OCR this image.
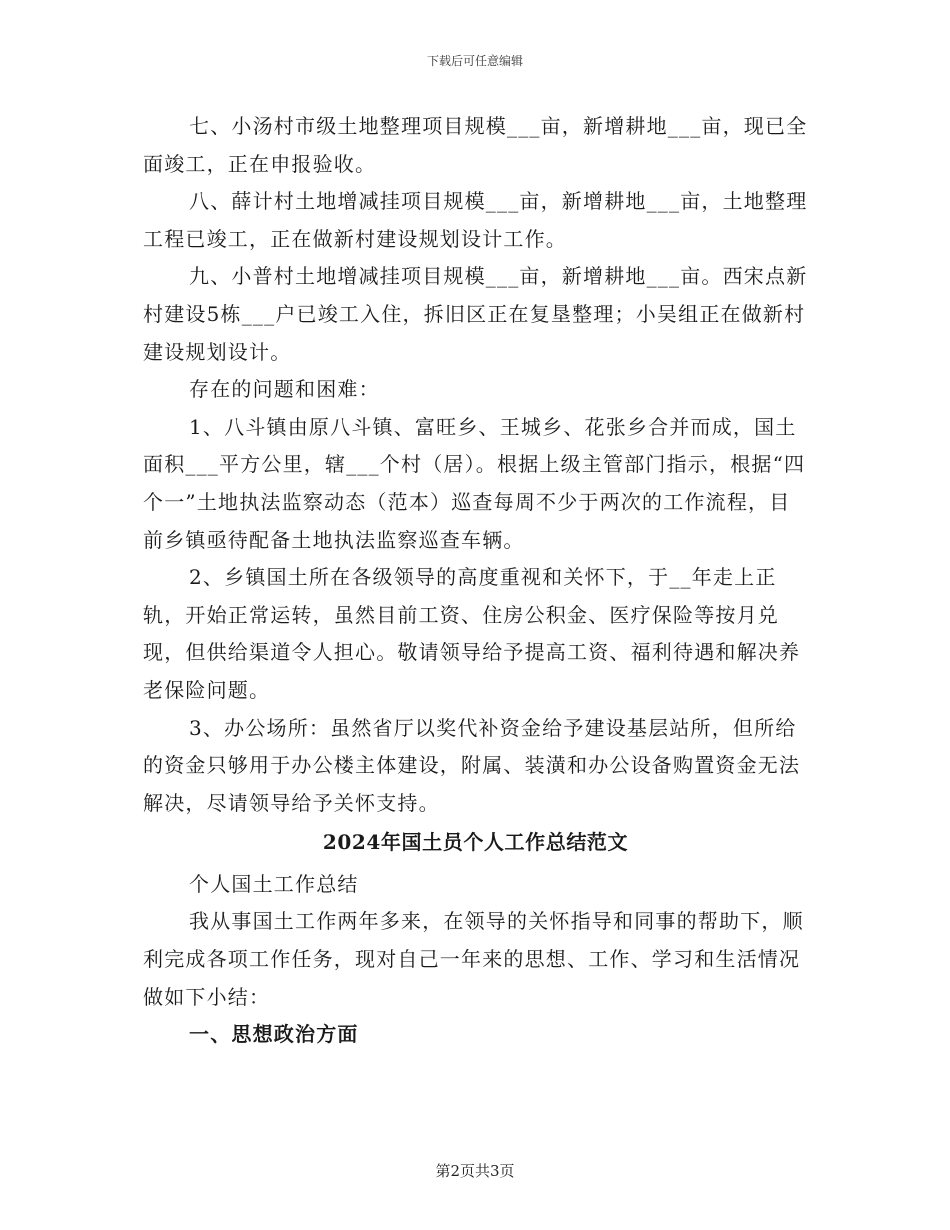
下载后可任意编辑

七、小汤村市级土地整理项目规模___亩，新增耕地___亩，现已全面竣工，正在申报验收。

八、薛计村土地增减挂项目规模___亩，新增耕地___亩，土地整理工程已竣工，正在做新村建设规划设计工作。

九、小普村土地增减挂项目规模___亩，新增耕地___亩。西宋点新村建设5栋___户已竣工入住，拆旧区正在复垦整理；小吴组正在做新村建设规划设计。

存在的问题和困难：

1、八斗镇由原八斗镇、富旺乡、王城乡、花张乡合并而成，国土面积___平方公里，辖___个村（居）。根据上级主管部门指示，根据“四个一”土地执法监察动态（范本）巡查每周不少于两次的工作流程，目前乡镇亟待配备土地执法监察巡查车辆。

2、乡镇国土所在各级领导的高度重视和关怀下，于__年走上正轨，开始正常运转，虽然目前工资、住房公积金、医疗保险等按月兑现，但供给渠道令人担心。敬请领导给予提高工资、福利待遇和解决养老保险问题。

3、办公场所：虽然省厅以奖代补资金给予建设基层站所，但所给的资金只够用于办公楼主体建设，附属、装潢和办公设备购置资金无法解决，尽请领导给予关怀支持。

2024年国土员个人工作总结范文

个人国土工作总结

我从事国土工作两年多来，在领导的关怀指导和同事的帮助下，顺利完成各项工作任务，现对自己一年来的思想、工作、学习和生活情况做如下小结：

一、思想政治方面

第2页共3页
